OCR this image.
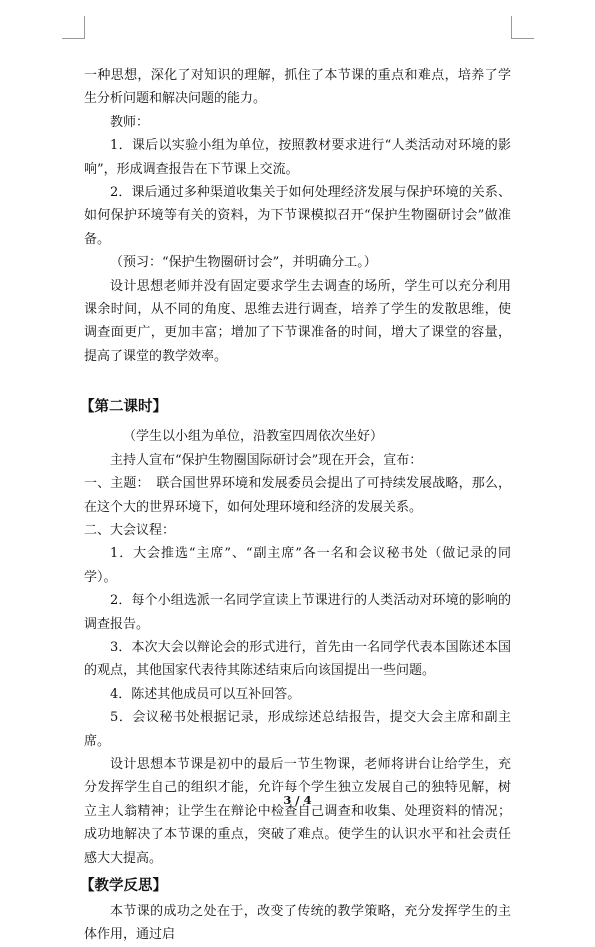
一种思想，深化了对知识的理解，抓住了本节课的重点和难点，培养了学生分析问题和解决问题的能力。

教师：

1．课后以实验小组为单位，按照教材要求进行“人类活动对环境的影响”，形成调查报告在下节课上交流。

2．课后通过多种渠道收集关于如何处理经济发展与保护环境的关系、如何保护环境等有关的资料，为下节课模拟召开“保护生物圈研讨会”做准备。

（预习：“保护生物圈研讨会”，并明确分工。）

设计思想老师并没有固定要求学生去调查的场所，学生可以充分利用课余时间，从不同的角度、思维去进行调查，培养了学生的发散思维，使调查面更广，更加丰富；增加了下节课准备的时间，增大了课堂的容量，提高了课堂的教学效率。

【第二课时】

（学生以小组为单位，沿教室四周依次坐好）

主持人宣布“保护生物圈国际研讨会”现在开会，宣布：

一、主题：　联合国世界环境和发展委员会提出了可持续发展战略，那么，在这个大的世界环境下，如何处理环境和经济的发展关系。

二、大会议程：

1．大会推选“主席”、“副主席”各一名和会议秘书处（做记录的同学）。

2．每个小组选派一名同学宣读上节课进行的人类活动对环境的影响的调查报告。

3．本次大会以辩论会的形式进行，首先由一名同学代表本国陈述本国的观点，其他国家代表待其陈述结束后向该国提出一些问题。

4．陈述其他成员可以互补回答。

5．会议秘书处根据记录，形成综述总结报告，提交大会主席和副主席。

设计思想本节课是初中的最后一节生物课，老师将讲台让给学生，充分发挥学生自己的组织才能，允许每个学生独立发展自己的独特见解，树立主人翁精神；让学生在辩论中检查自己调查和收集、处理资料的情况；成功地解决了本节课的重点，突破了难点。使学生的认识水平和社会责任感大大提高。

【教学反思】

本节课的成功之处在于，改变了传统的教学策略，充分发挥学生的主体作用，通过启

3 / 4
